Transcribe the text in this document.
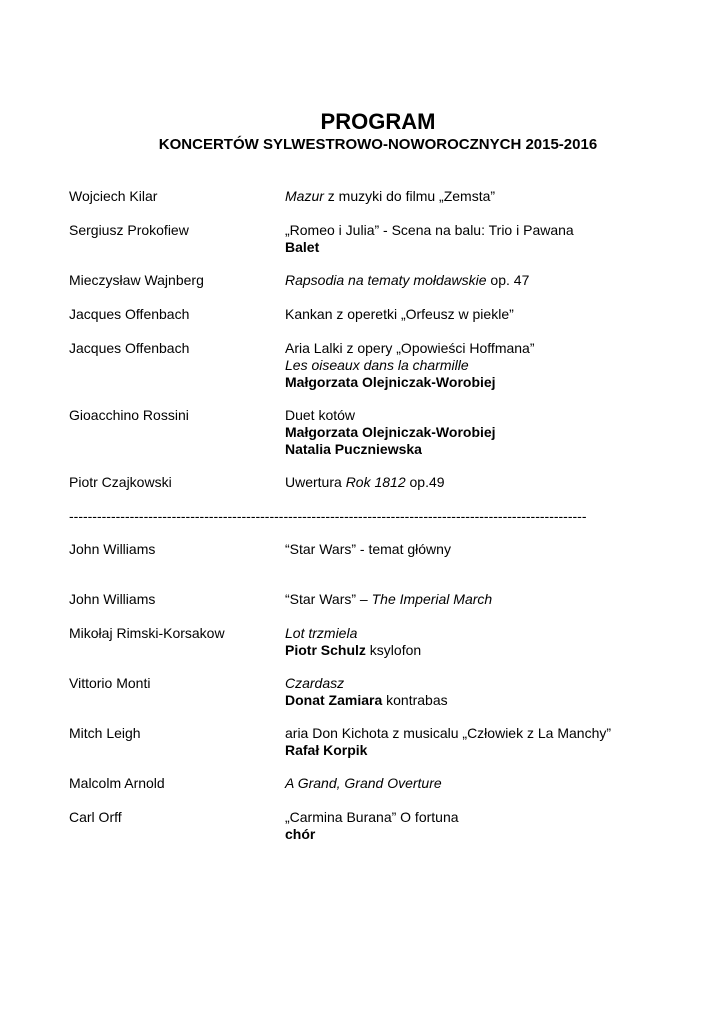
PROGRAM
KONCERTÓW SYLWESTROWO-NOWOROCZNYCH 2015-2016
Wojciech Kilar	Mazur z muzyki do filmu „Zemsta”
Sergiusz Prokofiew	„Romeo i Julia” - Scena na balu: Trio i Pawana
Balet
Mieczysław Wajnberg	Rapsodia na tematy mołdawskie op. 47
Jacques Offenbach	Kankan z operetki „Orfeusz w piekle”
Jacques Offenbach	Aria Lalki z opery „Opowieści Hoffmana”
Les oiseaux dans la charmille
Małgorzata Olejniczak-Worobiej
Gioacchino Rossini	Duet kotów
Małgorzata Olejniczak-Worobiej
Natalia Puczniewska
Piotr Czajkowski	Uwertura Rok 1812 op.49
John Williams	“Star Wars” - temat główny
John Williams	“Star Wars” – The Imperial March
Mikołaj Rimski-Korsakow	Lot trzmiela
Piotr Schulz ksylofon
Vittorio Monti	Czardasz
Donat Zamiara kontrabas
Mitch Leigh	aria Don Kichota z musicalu „Człowiek z La Manchy”
Rafał Korpik
Malcolm Arnold	A Grand, Grand Overture
Carl Orff	„Carmina Burana” O fortuna
chór
---------------------------------------------------------------------------------------------------------------
